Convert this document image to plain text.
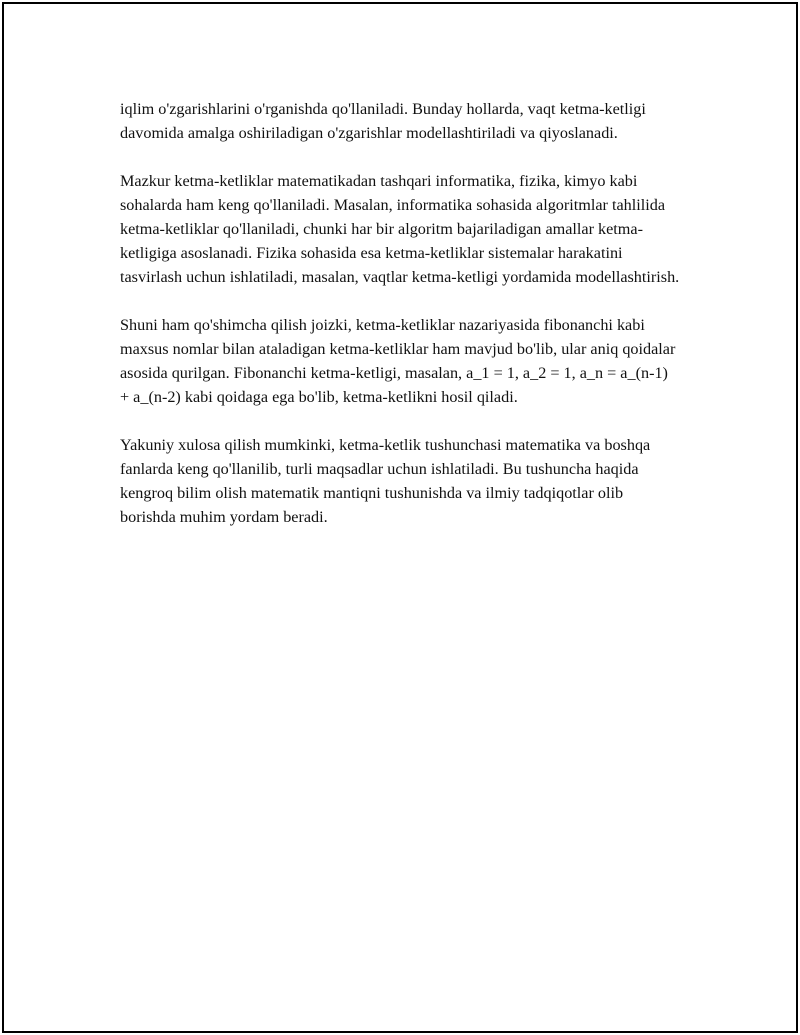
iqlim o'zgarishlarini o'rganishda qo'llaniladi. Bunday hollarda, vaqt ketma-ketligi davomida amalga oshiriladigan o'zgarishlar modellashtiriladi va qiyoslanadi.

Mazkur ketma-ketliklar matematikadan tashqari informatika, fizika, kimyo kabi sohalarda ham keng qo'llaniladi. Masalan, informatika sohasida algoritmlar tahlilida ketma-ketliklar qo'llaniladi, chunki har bir algoritm bajariladigan amallar ketma-ketligiga asoslanadi. Fizika sohasida esa ketma-ketliklar sistemalar harakatini tasvirlash uchun ishlatiladi, masalan, vaqtlar ketma-ketligi yordamida modellashtirish.

Shuni ham qo'shimcha qilish joizki, ketma-ketliklar nazariyasida fibonanchi kabi maxsus nomlar bilan ataladigan ketma-ketliklar ham mavjud bo'lib, ular aniq qoidalar asosida qurilgan. Fibonanchi ketma-ketligi, masalan, a_1 = 1, a_2 = 1, a_n = a_(n-1) + a_(n-2) kabi qoidaga ega bo'lib, ketma-ketlikni hosil qiladi.

Yakuniy xulosa qilish mumkinki, ketma-ketlik tushunchasi matematika va boshqa fanlarda keng qo'llanilib, turli maqsadlar uchun ishlatiladi. Bu tushuncha haqida kengroq bilim olish matematik mantiqni tushunishda va ilmiy tadqiqotlar olib borishda muhim yordam beradi.
